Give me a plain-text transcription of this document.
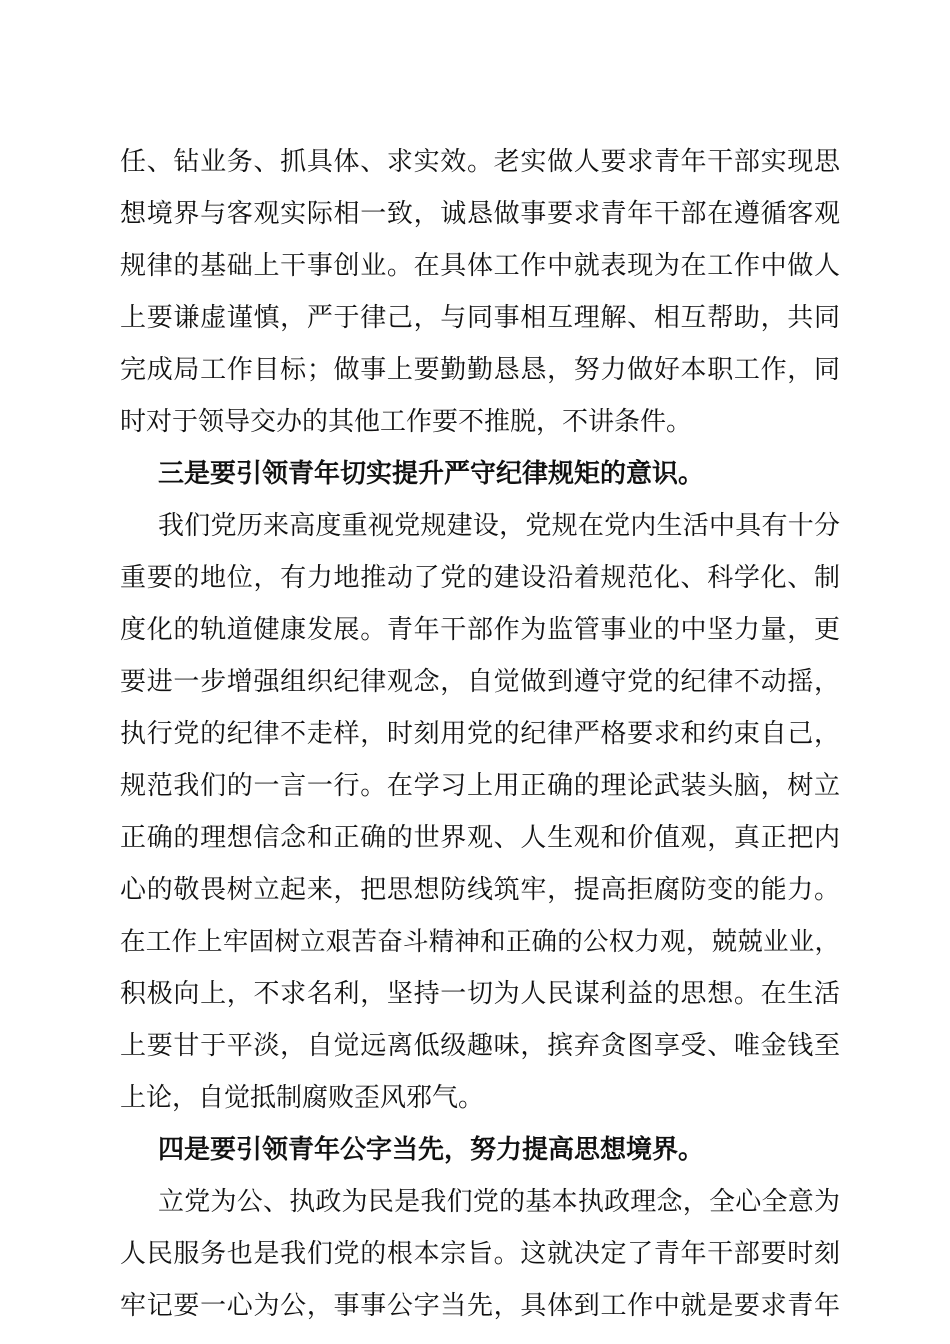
任、钻业务、抓具体、求实效。老实做人要求青年干部实现思
想境界与客观实际相一致，诚恳做事要求青年干部在遵循客观
规律的基础上干事创业。在具体工作中就表现为在工作中做人
上要谦虚谨慎，严于律己，与同事相互理解、相互帮助，共同
完成局工作目标；做事上要勤勤恳恳，努力做好本职工作，同
时对于领导交办的其他工作要不推脱，不讲条件。
三是要引领青年切实提升严守纪律规矩的意识。
我们党历来高度重视党规建设，党规在党内生活中具有十分
重要的地位，有力地推动了党的建设沿着规范化、科学化、制
度化的轨道健康发展。青年干部作为监管事业的中坚力量，更
要进一步增强组织纪律观念，自觉做到遵守党的纪律不动摇，
执行党的纪律不走样，时刻用党的纪律严格要求和约束自己，
规范我们的一言一行。在学习上用正确的理论武装头脑，树立
正确的理想信念和正确的世界观、人生观和价值观，真正把内
心的敬畏树立起来，把思想防线筑牢，提高拒腐防变的能力。
在工作上牢固树立艰苦奋斗精神和正确的公权力观，兢兢业业，
积极向上，不求名利，坚持一切为人民谋利益的思想。在生活
上要甘于平淡，自觉远离低级趣味，摈弃贪图享受、唯金钱至
上论，自觉抵制腐败歪风邪气。
四是要引领青年公字当先，努力提高思想境界。
立党为公、执政为民是我们党的基本执政理念，全心全意为
人民服务也是我们党的根本宗旨。这就决定了青年干部要时刻
牢记要一心为公，事事公字当先，具体到工作中就是要求青年
